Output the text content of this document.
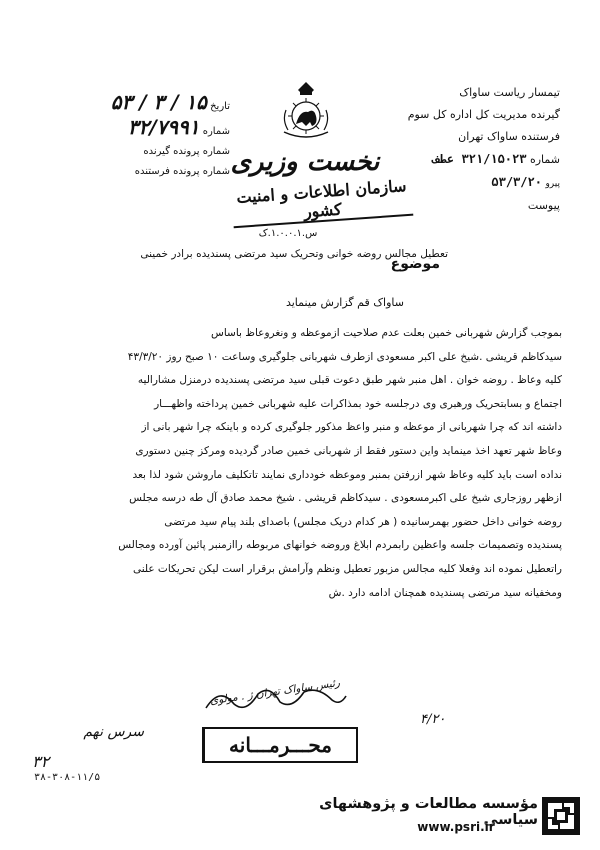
تیمسار ریاست ساواک
گیرنده مدیریت کل اداره کل سوم
فرستنده ساواک تهران
شماره ۳۲۱/۱۵۰۲۳ عطف
پیرو ۵۳/۳/۲۰
پیوست
نخست وزیری
سازمان اطلاعات و امنیت کشور
س.۱.۰.۰.۱.ک
تاریخ ۱۵ / ۳ / ۵۳
شماره ۳۲/۷۹۹۱
شماره پرونده گیرنده
شماره پرونده فرستنده
موضوع
تعطیل مجالس روضه خوانی وتحریک سید مرتضی پسندیده برادر خمینی
ساواک قم گزارش مینماید

بموجب گزارش شهربانی خمین بعلت عدم صلاحیت ازموعظه و ونغروعاظ باساس

سیدکاظم قریشی .شیخ علی اکبر مسعودی ازطرف شهربانی جلوگیری وساعت ۱۰ صبح روز ۴۳/۳/۲۰

کلیه وعاظ . روضه خوان . اهل منبر شهر طبق دعوت قبلی سید مرتضی پسندیده درمنزل مشارالیه

اجتماع و بسابتحریک ورهبری وی درجلسه خود بمذاکرات علیه شهربانی خمین پرداخته واظهـــار

داشته اند که چرا شهربانی از موعظه و منبر واعظ مذکور جلوگیری کرده و باینکه چرا شهر بانی از

وعاظ شهر تعهد اخذ مینماید واین دستور فقط از شهربانی خمین صادر گردیده ومرکز چنین دستوری

نداده است باید کلیه وعاظ شهر ازرفتن بمنبر وموعظه خودداری نمایند تاتکلیف ماروشن شود لذا بعد

ازظهر روزجاری شیخ علی اکبرمسعودی . سیدکاظم قریشی . شیخ محمد صادق آل طه درسه مجلس

روضه خوانی داخل حضور بهمرسانیده ( هر کدام دریک مجلس) باصدای بلند پیام سید مرتضی

پسندیده وتصمیمات جلسه واعظین رابمردم ابلاغ وروضه خوانهای مربوطه راازمنبر پائین آورده ومجالس

راتعطیل نموده اند وفعلا کلیه مجالس مزبور تعطیل ونظم وآرامش برقرار است لیکن تحریکات علنی

ومخفیانه سید مرتضی پسندیده همچنان ادامه دارد .ش

رئیس ساواک تهران ژ . مولوی
۴/۲۰
محـــرمـــانه
سرس نهم
۳۲
۳۸-۳۰۸-۱۱/۵
مؤسسه مطالعات و پژوهشهای سیاسی
www.psri.ir
